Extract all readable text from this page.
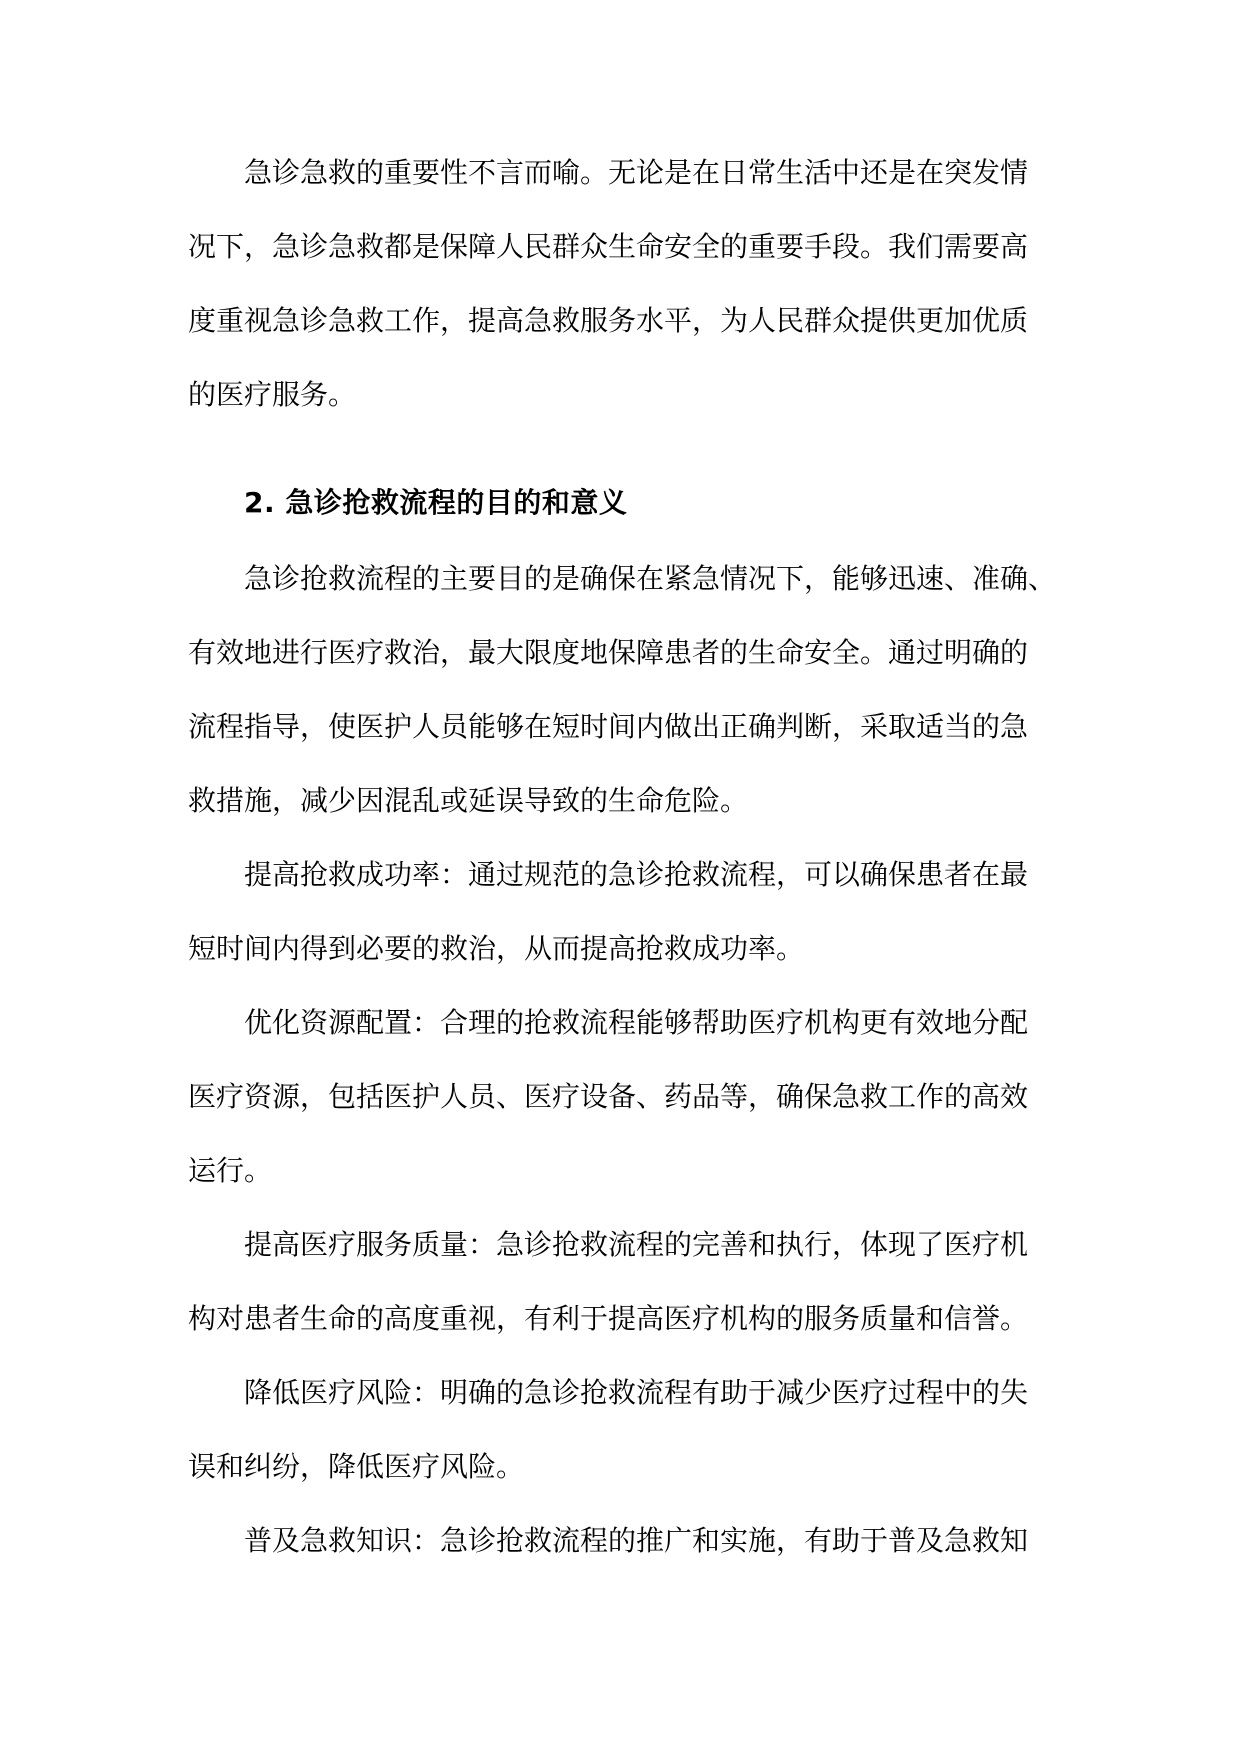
急诊急救的重要性不言而喻。无论是在日常生活中还是在突发情
况下，急诊急救都是保障人民群众生命安全的重要手段。我们需要高
度重视急诊急救工作，提高急救服务水平，为人民群众提供更加优质
的医疗服务。
2. 急诊抢救流程的目的和意义
急诊抢救流程的主要目的是确保在紧急情况下，能够迅速、准确、
有效地进行医疗救治，最大限度地保障患者的生命安全。通过明确的
流程指导，使医护人员能够在短时间内做出正确判断，采取适当的急
救措施，减少因混乱或延误导致的生命危险。
提高抢救成功率：通过规范的急诊抢救流程，可以确保患者在最
短时间内得到必要的救治，从而提高抢救成功率。
优化资源配置：合理的抢救流程能够帮助医疗机构更有效地分配
医疗资源，包括医护人员、医疗设备、药品等，确保急救工作的高效
运行。
提高医疗服务质量：急诊抢救流程的完善和执行，体现了医疗机
构对患者生命的高度重视，有利于提高医疗机构的服务质量和信誉。
降低医疗风险：明确的急诊抢救流程有助于减少医疗过程中的失
误和纠纷，降低医疗风险。
普及急救知识：急诊抢救流程的推广和实施，有助于普及急救知
